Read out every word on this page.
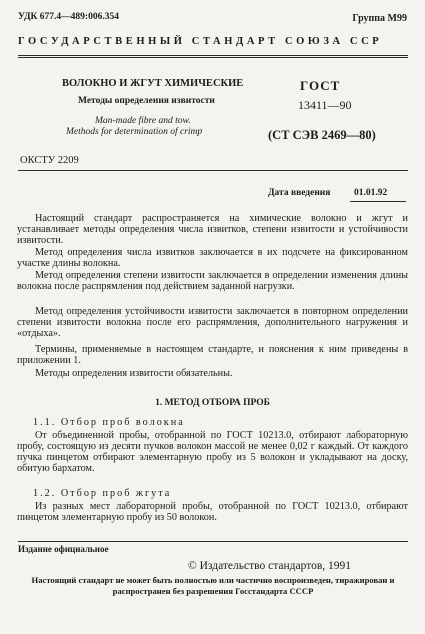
УДК 677.4—489:006.354	Группа М99
ГОСУДАРСТВЕННЫЙ СТАНДАРТ СОЮЗА ССР
ВОЛОКНО И ЖГУТ ХИМИЧЕСКИЕ
Методы определения извитости
Man-made fibre and tow.
Methods for determination of crimp
ГОСТ
13411—90
(СТ СЭВ 2469—80)
ОКСТУ 2209
Дата введения 01.01.92
Настоящий стандарт распространяется на химические волокно и жгут и устанавливает методы определения числа извитков, степени извитости и устойчивости извитости.
Метод определения числа извитков заключается в их подсчете на фиксированном участке длины волокна.
Метод определения степени извитости заключается в определении изменения длины волокна после распрямления под действием заданной нагрузки.
Метод определения устойчивости извитости заключается в повторном определении степени извитости волокна после его распрямления, дополнительного нагружения и «отдыха».
Термины, применяемые в настоящем стандарте, и пояснения к ним приведены в приложении 1.
Методы определения извитости обязательны.
1. МЕТОД ОТБОРА ПРОБ
1.1. Отбор проб волокна
От объединенной пробы, отобранной по ГОСТ 10213.0, отбирают лабораторную пробу, состоящую из десяти пучков волокон массой не менее 0,02 г каждый. От каждого пучка пинцетом отбирают элементарную пробу из 5 волокон и укладывают на доску, обитую бархатом.
1.2. Отбор проб жгута
Из разных мест лабораторной пробы, отобранной по ГОСТ 10213.0, отбирают пинцетом элементарную пробу из 50 волокон.
Издание официальное
© Издательство стандартов, 1991
Настоящий стандарт не может быть полностью или частично воспроизведен, тиражирован и распространен без разрешения Госстандарта СССР
